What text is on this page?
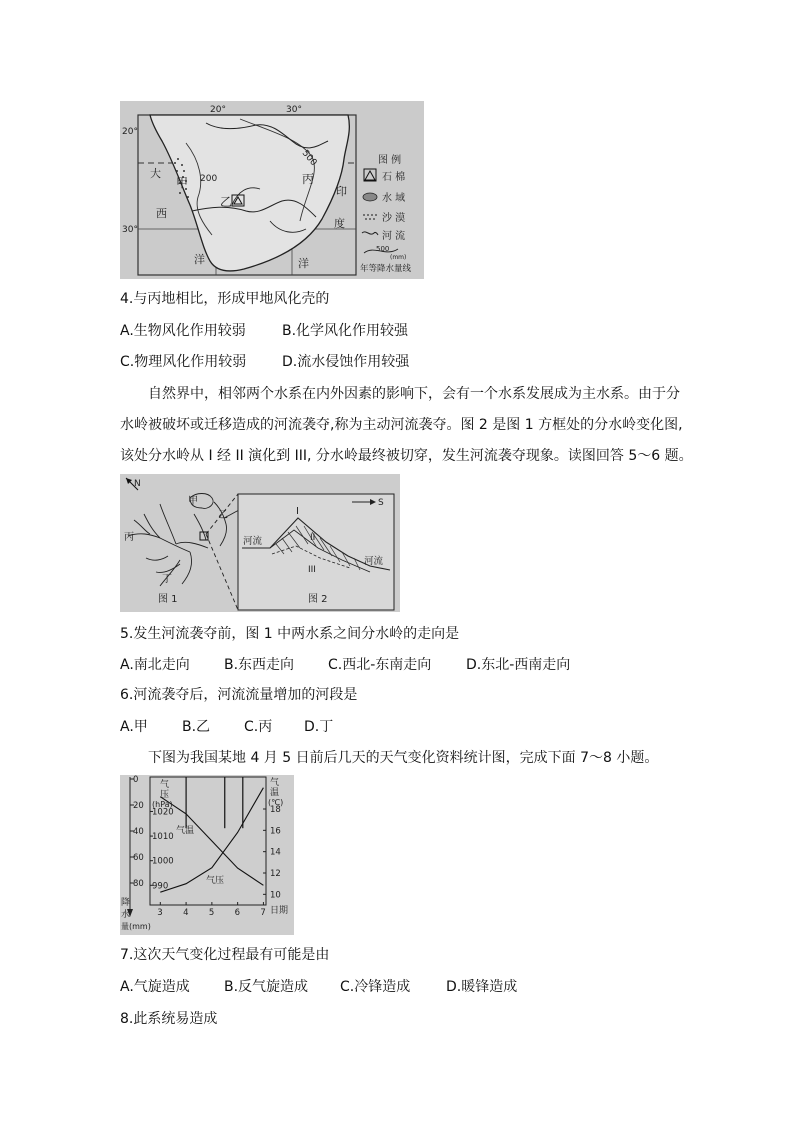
20°	30°
20°
30°
500
200
甲
乙
丙
大
西
洋
印
度
洋
图 例
石 棉
水 域
沙 漠
河 流
500
(mm)
年等降水量线
4.与丙地相比，形成甲地风化壳的
A.生物风化作用较弱	B.化学风化作用较强
C.物理风化作用较弱	D.流水侵蚀作用较强
自然界中，相邻两个水系在内外因素的影响下，会有一个水系发展成为主水系。由于分
水岭被破坏或迁移造成的河流袭夺,称为主动河流袭夺。图 2 是图 1 方框处的分水岭变化图,
该处分水岭从 I 经 II 演化到 III, 分水岭最终被切穿，发生河流袭夺现象。读图回答 5～6 题。
N
甲
乙
丙
丁
图 1
S
河流
河流
I
II
III
图 2
5.发生河流袭夺前，图 1 中两水系之间分水岭的走向是
A.南北走向 B.东西走向 C.西北-东南走向 D.东北-西南走向
6.河流袭夺后，河流流量增加的河段是
A.甲 B.乙 C.丙 D.丁
下图为我国某地 4 月 5 日前后几天的天气变化资料统计图，完成下面 7～8 小题。
0
20
40
60
80 990
1000
1010
1020
10
12
14
16
18
3 4 5 6 7
气
压
(hPa)
气
温
(℃)
降
水
量(mm)
日期
气温
气压
7.这次天气变化过程最有可能是由
A.气旋造成 B.反气旋造成 C.冷锋造成	D.暖锋造成
8.此系统易造成
